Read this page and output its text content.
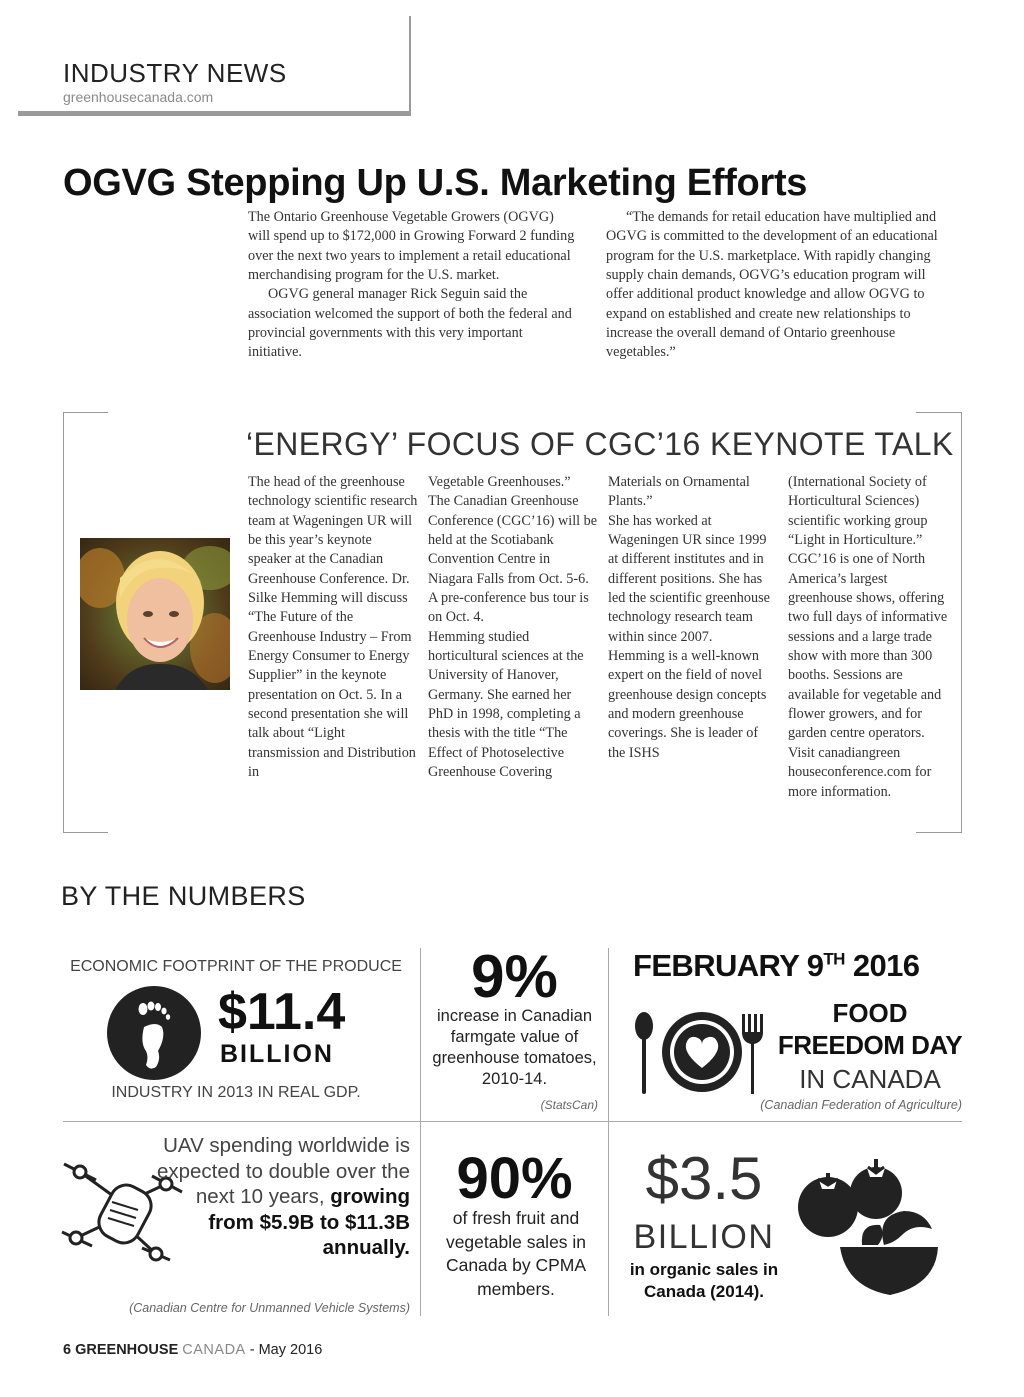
INDUSTRY NEWS
greenhousecanada.com
OGVG Stepping Up U.S. Marketing Efforts

The Ontario Greenhouse Vegetable Growers (OGVG) will spend up to $172,000 in Growing Forward 2 funding over the next two years to implement a retail educational merchandising program for the U.S. market.

OGVG general manager Rick Seguin said the association welcomed the support of both the federal and provincial governments with this very important initiative.

“The demands for retail education have multiplied and OGVG is committed to the development of an educational program for the U.S. marketplace. With rapidly changing supply chain demands, OGVG’s education program will offer additional product knowledge and allow OGVG to expand on established and create new relationships to increase the overall demand of Ontario greenhouse vegetables.”

‘ENERGY’ FOCUS OF CGC’16 KEYNOTE TALK

The head of the greenhouse technology scientific research team at Wageningen UR will be this year’s keynote speaker at the Canadian Greenhouse Conference. Dr. Silke Hemming will discuss “The Future of the Greenhouse Industry – From Energy Consumer to Energy Supplier” in the keynote presentation on Oct. 5. In a second presentation she will talk about “Light transmission and Distribution in

Vegetable Greenhouses.”

The Canadian Greenhouse Conference (CGC’16) will be held at the Scotiabank Convention Centre in Niagara Falls from Oct. 5-6. A pre-conference bus tour is on Oct. 4.

Hemming studied horticultural sciences at the University of Hanover, Germany. She earned her PhD in 1998, completing a thesis with the title “The Effect of Photoselective Greenhouse Covering

Materials on Ornamental Plants.”

She has worked at Wageningen UR since 1999 at different institutes and in different positions. She has led the scientific greenhouse technology research team within since 2007.

Hemming is a well-known expert on the field of novel greenhouse design concepts and modern greenhouse coverings. She is leader of the ISHS

(International Society of Horticultural Sciences) scientific working group “Light in Horticulture.”

CGC’16 is one of North America’s largest greenhouse shows, offering two full days of informative sessions and a large trade show with more than 300 booths. Sessions are available for vegetable and flower growers, and for garden centre operators.

Visit canadiangreen houseconference.com for more information.

BY THE NUMBERS
ECONOMIC FOOTPRINT OF THE PRODUCE
$11.4
BILLION
INDUSTRY IN 2013 IN REAL GDP.
9%
increase in Canadian farmgate value of greenhouse tomatoes, 2010-14.
(StatsCan)
FEBRUARY 9TH 2016
FOOD
FREEDOM DAY
IN CANADA
(Canadian Federation of Agriculture)
UAV spending worldwide is expected to double over the next 10 years, growing from $5.9B to $11.3B annually.
(Canadian Centre for Unmanned Vehicle Systems)
90%
of fresh fruit and vegetable sales in Canada by CPMA members.
$3.5
BILLION
in organic sales in Canada (2014).
6 GREENHOUSE CANADA - May 2016
